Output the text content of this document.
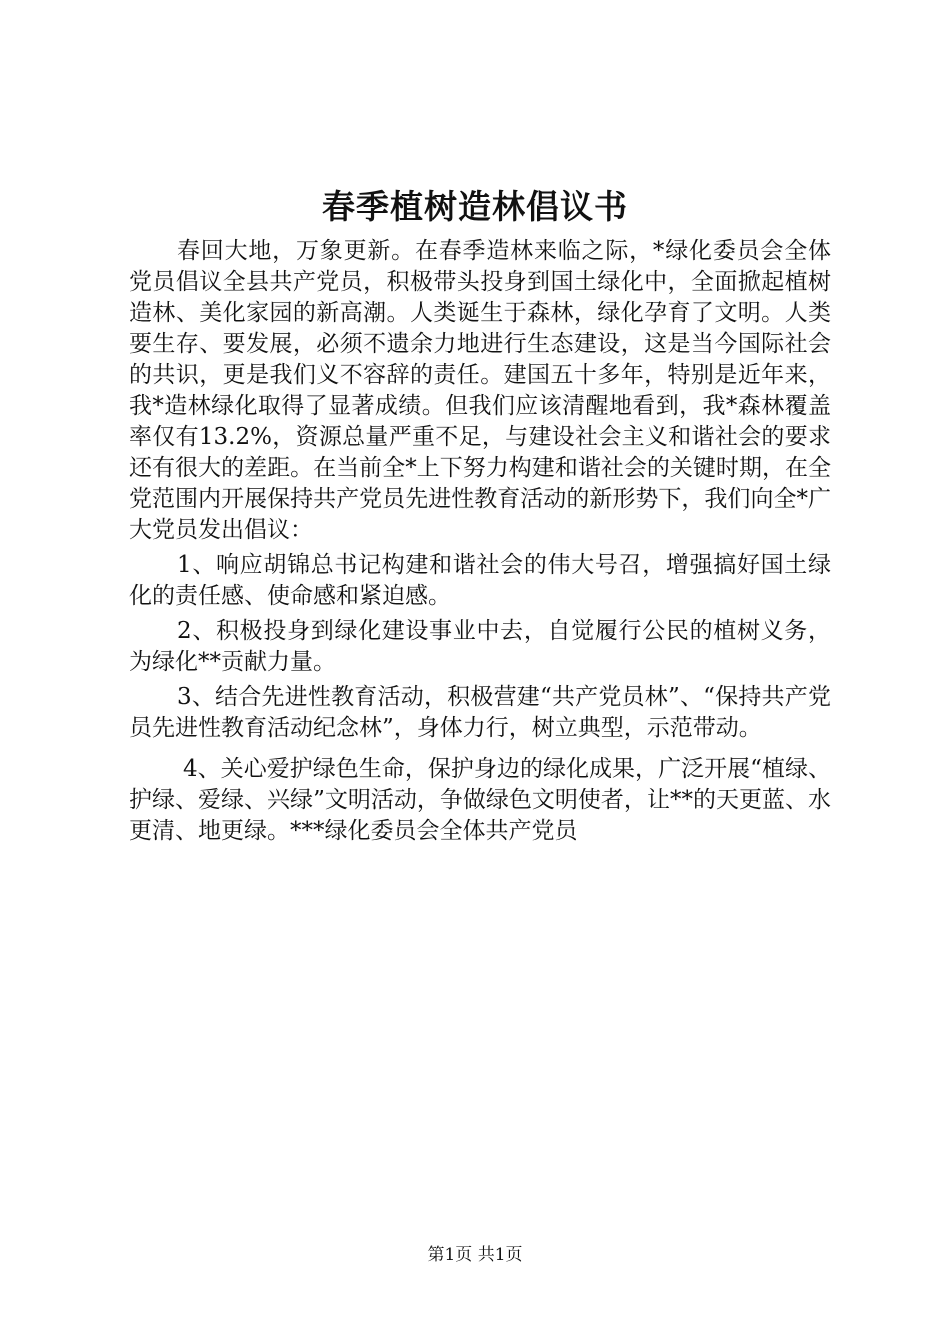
春季植树造林倡议书

春回大地，万象更新。在春季造林来临之际，*绿化委员会全体党员倡议全县共产党员，积极带头投身到国土绿化中，全面掀起植树造林、美化家园的新高潮。人类诞生于森林，绿化孕育了文明。人类要生存、要发展，必须不遗余力地进行生态建设，这是当今国际社会的共识，更是我们义不容辞的责任。建国五十多年，特别是近年来，我*造林绿化取得了显著成绩。但我们应该清醒地看到，我*森林覆盖率仅有13.2%，资源总量严重不足，与建设社会主义和谐社会的要求还有很大的差距。在当前全*上下努力构建和谐社会的关键时期，在全党范围内开展保持共产党员先进性教育活动的新形势下，我们向全*广大党员发出倡议：

1、响应胡锦总书记构建和谐社会的伟大号召，增强搞好国土绿化的责任感、使命感和紧迫感。

2、积极投身到绿化建设事业中去，自觉履行公民的植树义务，为绿化**贡献力量。

3、结合先进性教育活动，积极营建“共产党员林”、“保持共产党员先进性教育活动纪念林”，身体力行，树立典型，示范带动。

4、关心爱护绿色生命，保护身边的绿化成果，广泛开展“植绿、护绿、爱绿、兴绿”文明活动，争做绿色文明使者，让**的天更蓝、水更清、地更绿。***绿化委员会全体共产党员

第1页 共1页
